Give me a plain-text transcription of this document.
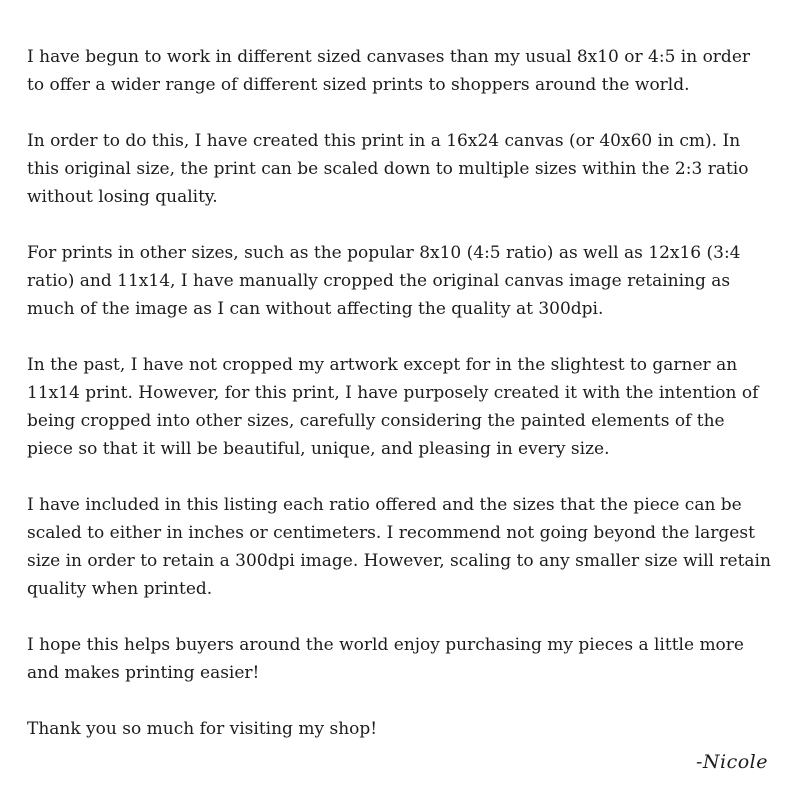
I have begun to work in different sized canvases than my usual 8x10 or 4:5 in order to offer a wider range of different sized prints to shoppers around the world.

In order to do this, I have created this print in a 16x24 canvas (or 40x60 in cm). In this original size, the print can be scaled down to multiple sizes within the 2:3 ratio without losing quality.

For prints in other sizes, such as the popular 8x10 (4:5 ratio) as well as 12x16 (3:4 ratio) and 11x14, I have manually cropped the original canvas image retaining as much of the image as I can without affecting the quality at 300dpi.

In the past, I have not cropped my artwork except for in the slightest to garner an 11x14 print. However, for this print, I have purposely created it with the intention of being cropped into other sizes, carefully considering the painted elements of the piece so that it will be beautiful, unique, and pleasing in every size.

I have included in this listing each ratio offered and the sizes that the piece can be scaled to either in inches or centimeters. I recommend not going beyond the largest size in order to retain a 300dpi image. However, scaling to any smaller size will retain quality when printed.

I hope this helps buyers around the world enjoy purchasing my pieces a little more and makes printing easier!

Thank you so much for visiting my shop!

-Nicole
